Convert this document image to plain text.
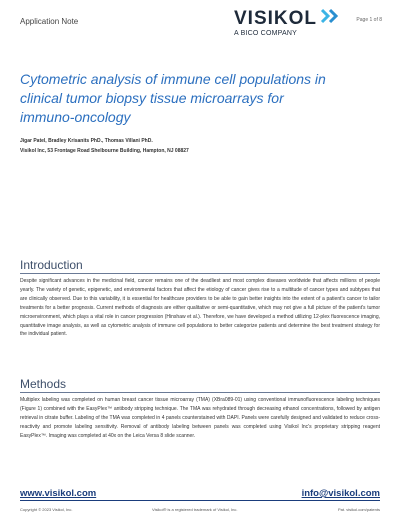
Application Note	VISIKOL
A BICO COMPANY
Page 1 of 8
Cytometric analysis of immune cell populations in
clinical tumor biopsy tissue microarrays for
immuno-oncology
Jigar Patel, Bradley Krisanits PhD., Thomas Villani PhD.
Visikol Inc, 53 Frontage Road Shelbourne Building, Hampton, NJ 08827
Introduction
Despite significant advances in the medicinal field, cancer remains one of the deadliest and most complex diseases worldwide that affects millions of people yearly. The variety of genetic, epigenetic, and environmental factors that affect the etiology of cancer gives rise to a multitude of cancer types and subtypes that are clinically observed. Due to this variability, it is essential for healthcare providers to be able to gain better insights into the extent of a patient's cancer to tailor treatments for a better prognosis. Current methods of diagnosis are either qualitative or semi-quantitative, which may not give a full picture of the patient's tumor microenvironment, which plays a vital role in cancer progression (Hinshaw et al.). Therefore, we have developed a method utilizing 12-plex fluorescence imaging, quantitative image analysis, as well as cytometric analysis of immune cell populations to better categorize patients and determine the best treatment strategy for the individual patient.
Methods
Multiplex labeling was completed on human breast cancer tissue microarray (TMA) (XBra089-01) using conventional immunofluorescence labeling techniques (Figure 1) combined with the EasyPlex™ antibody stripping technique. The TMA was rehydrated through decreasing ethanol concentrations, followed by antigen retrieval in citrate buffer. Labeling of the TMA was completed in 4 panels counterstained with DAPI. Panels were carefully designed and validated to reduce cross-reactivity and promote labeling sensitivity. Removal of antibody labeling between panels was completed using Visikol Inc's proprietary stripping reagent EasyPlex™. Imaging was completed at 40x on the Leica Versa 8 slide scanner.
www.visikol.com	info@visikol.com
Copyright © 2023 Visikol, Inc.	Visikol® is a registered trademark of Visikol, Inc.	Pat. visikol.com/patents
